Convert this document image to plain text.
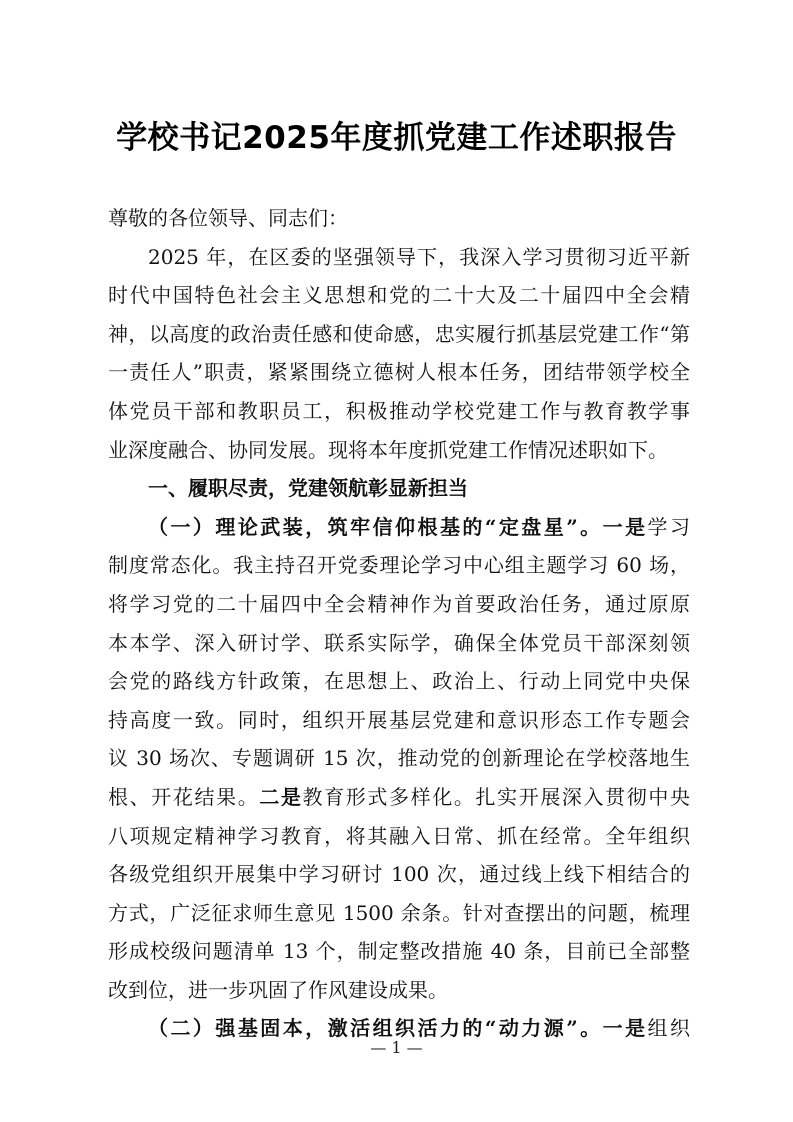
学校书记2025年度抓党建工作述职报告
尊敬的各位领导、同志们：
2025 年，在区委的坚强领导下，我深入学习贯彻习近平新
时代中国特色社会主义思想和党的二十大及二十届四中全会精
神，以高度的政治责任感和使命感，忠实履行抓基层党建工作“第
一责任人”职责，紧紧围绕立德树人根本任务，团结带领学校全
体党员干部和教职员工，积极推动学校党建工作与教育教学事
业深度融合、协同发展。现将本年度抓党建工作情况述职如下。
一、履职尽责，党建领航彰显新担当
（一）理论武装，筑牢信仰根基的“定盘星”。一是学习
制度常态化。我主持召开党委理论学习中心组主题学习 60 场，
将学习党的二十届四中全会精神作为首要政治任务，通过原原
本本学、深入研讨学、联系实际学，确保全体党员干部深刻领
会党的路线方针政策，在思想上、政治上、行动上同党中央保
持高度一致。同时，组织开展基层党建和意识形态工作专题会
议 30 场次、专题调研 15 次，推动党的创新理论在学校落地生
根、开花结果。二是教育形式多样化。扎实开展深入贯彻中央
八项规定精神学习教育，将其融入日常、抓在经常。全年组织
各级党组织开展集中学习研讨 100 次，通过线上线下相结合的
方式，广泛征求师生意见 1500 余条。针对查摆出的问题，梳理
形成校级问题清单 13 个，制定整改措施 40 条，目前已全部整
改到位，进一步巩固了作风建设成果。
（二）强基固本，激活组织活力的“动力源”。一是组织
— 1 —
